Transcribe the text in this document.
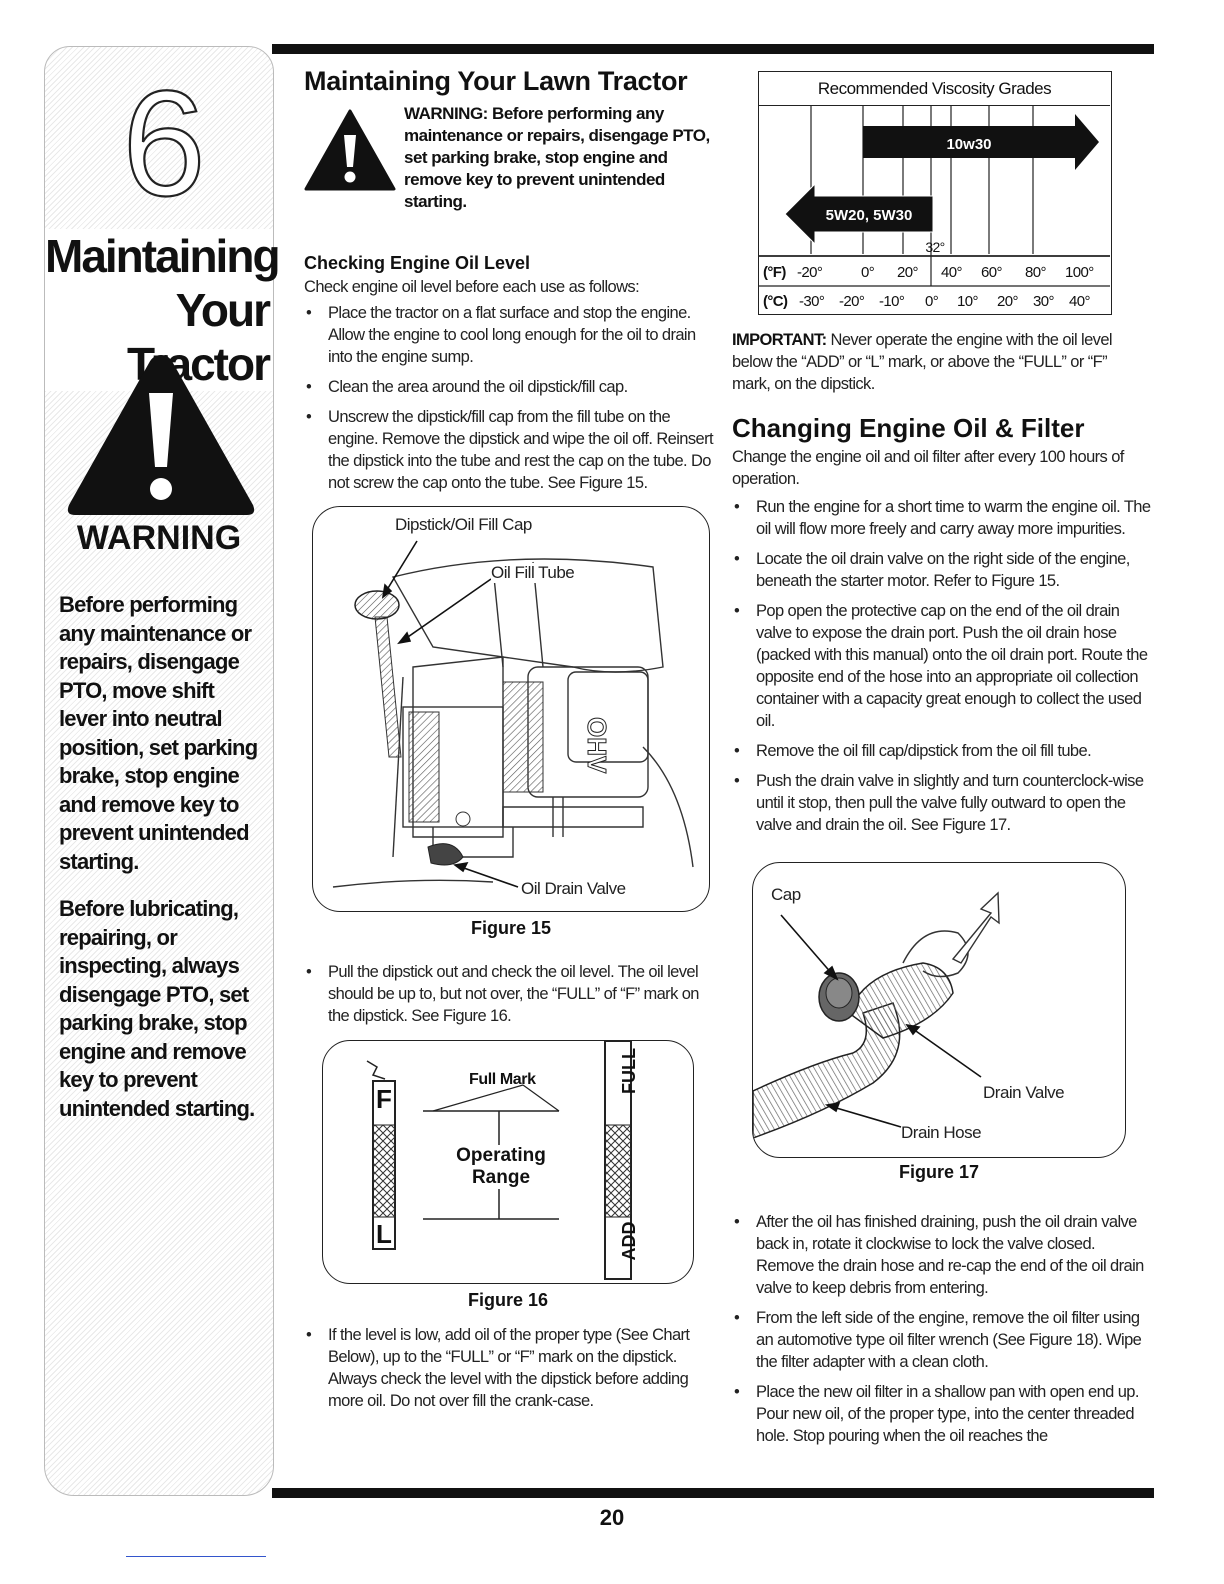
6
Maintaining
Your Tractor
WARNING
Before performing any maintenance or repairs, disengage PTO, move shift lever into neutral position, set parking brake, stop engine and remove key to prevent unintended starting.
Before lubricating, repairing, or inspecting, always disengage PTO, set parking brake, stop engine and remove key to prevent unintended starting.
Maintaining Your Lawn Tractor
WARNING: Before performing any maintenance or repairs, disengage PTO, set parking brake, stop engine and remove key to prevent unintended starting.
Checking Engine Oil Level
Check engine oil level before each use as follows:
• Place the tractor on a flat surface and stop the engine. Allow the engine to cool long enough for the oil to drain into the engine sump.
• Clean the area around the oil dipstick/fill cap.
• Unscrew the dipstick/fill cap from the fill tube on the engine. Remove the dipstick and wipe the oil off. Reinsert the dipstick into the tube and rest the cap on the tube. Do not screw the cap onto the tube. See Figure 15.
OHV
Dipstick/Oil Fill Cap
Oil Fill Tube
Oil Drain Valve
Figure 15
• Pull the dipstick out and check the oil level. The oil level should be up to, but not over, the “FULL” of “F” mark on the dipstick. See Figure 16.
F
L
FULL
ADD
Full Mark
Operating
Range
Figure 16
• If the level is low, add oil of the proper type (See Chart Below), up to the “FULL” or “F” mark on the dipstick. Always check the level with the dipstick before adding more oil. Do not over fill the crank-case.
Recommended Viscosity Grades
10w30
5W20, 5W30
32°
(°F) -20°	0° 20° 40° 60° 80° 100°
(°C) -30° -20° -10° 0° 10° 20° 30° 40°
IMPORTANT: Never operate the engine with the oil level below the “ADD” or “L” mark, or above the “FULL” or “F” mark, on the dipstick.
Changing Engine Oil & Filter
Change the engine oil and oil filter after every 100 hours of operation.
• Run the engine for a short time to warm the engine oil. The oil will flow more freely and carry away more impurities.
• Locate the oil drain valve on the right side of the engine, beneath the starter motor. Refer to Figure 15.
• Pop open the protective cap on the end of the oil drain valve to expose the drain port. Push the oil drain hose (packed with this manual) onto the oil drain port. Route the opposite end of the hose into an appropriate oil collection container with a capacity great enough to collect the used oil.
• Remove the oil fill cap/dipstick from the oil fill tube.
• Push the drain valve in slightly and turn counterclock-wise until it stop, then pull the valve fully outward to open the valve and drain the oil. See Figure 17.
Cap
Drain Valve
Drain Hose
Figure 17
• After the oil has finished draining, push the oil drain valve back in, rotate it clockwise to lock the valve closed. Remove the drain hose and re-cap the end of the oil drain valve to keep debris from entering.
• From the left side of the engine, remove the oil filter using an automotive type oil filter wrench (See Figure 18). Wipe the filter adapter with a clean cloth.
• Place the new oil filter in a shallow pan with open end up. Pour new oil, of the proper type, into the center threaded hole. Stop pouring when the oil reaches the
20
